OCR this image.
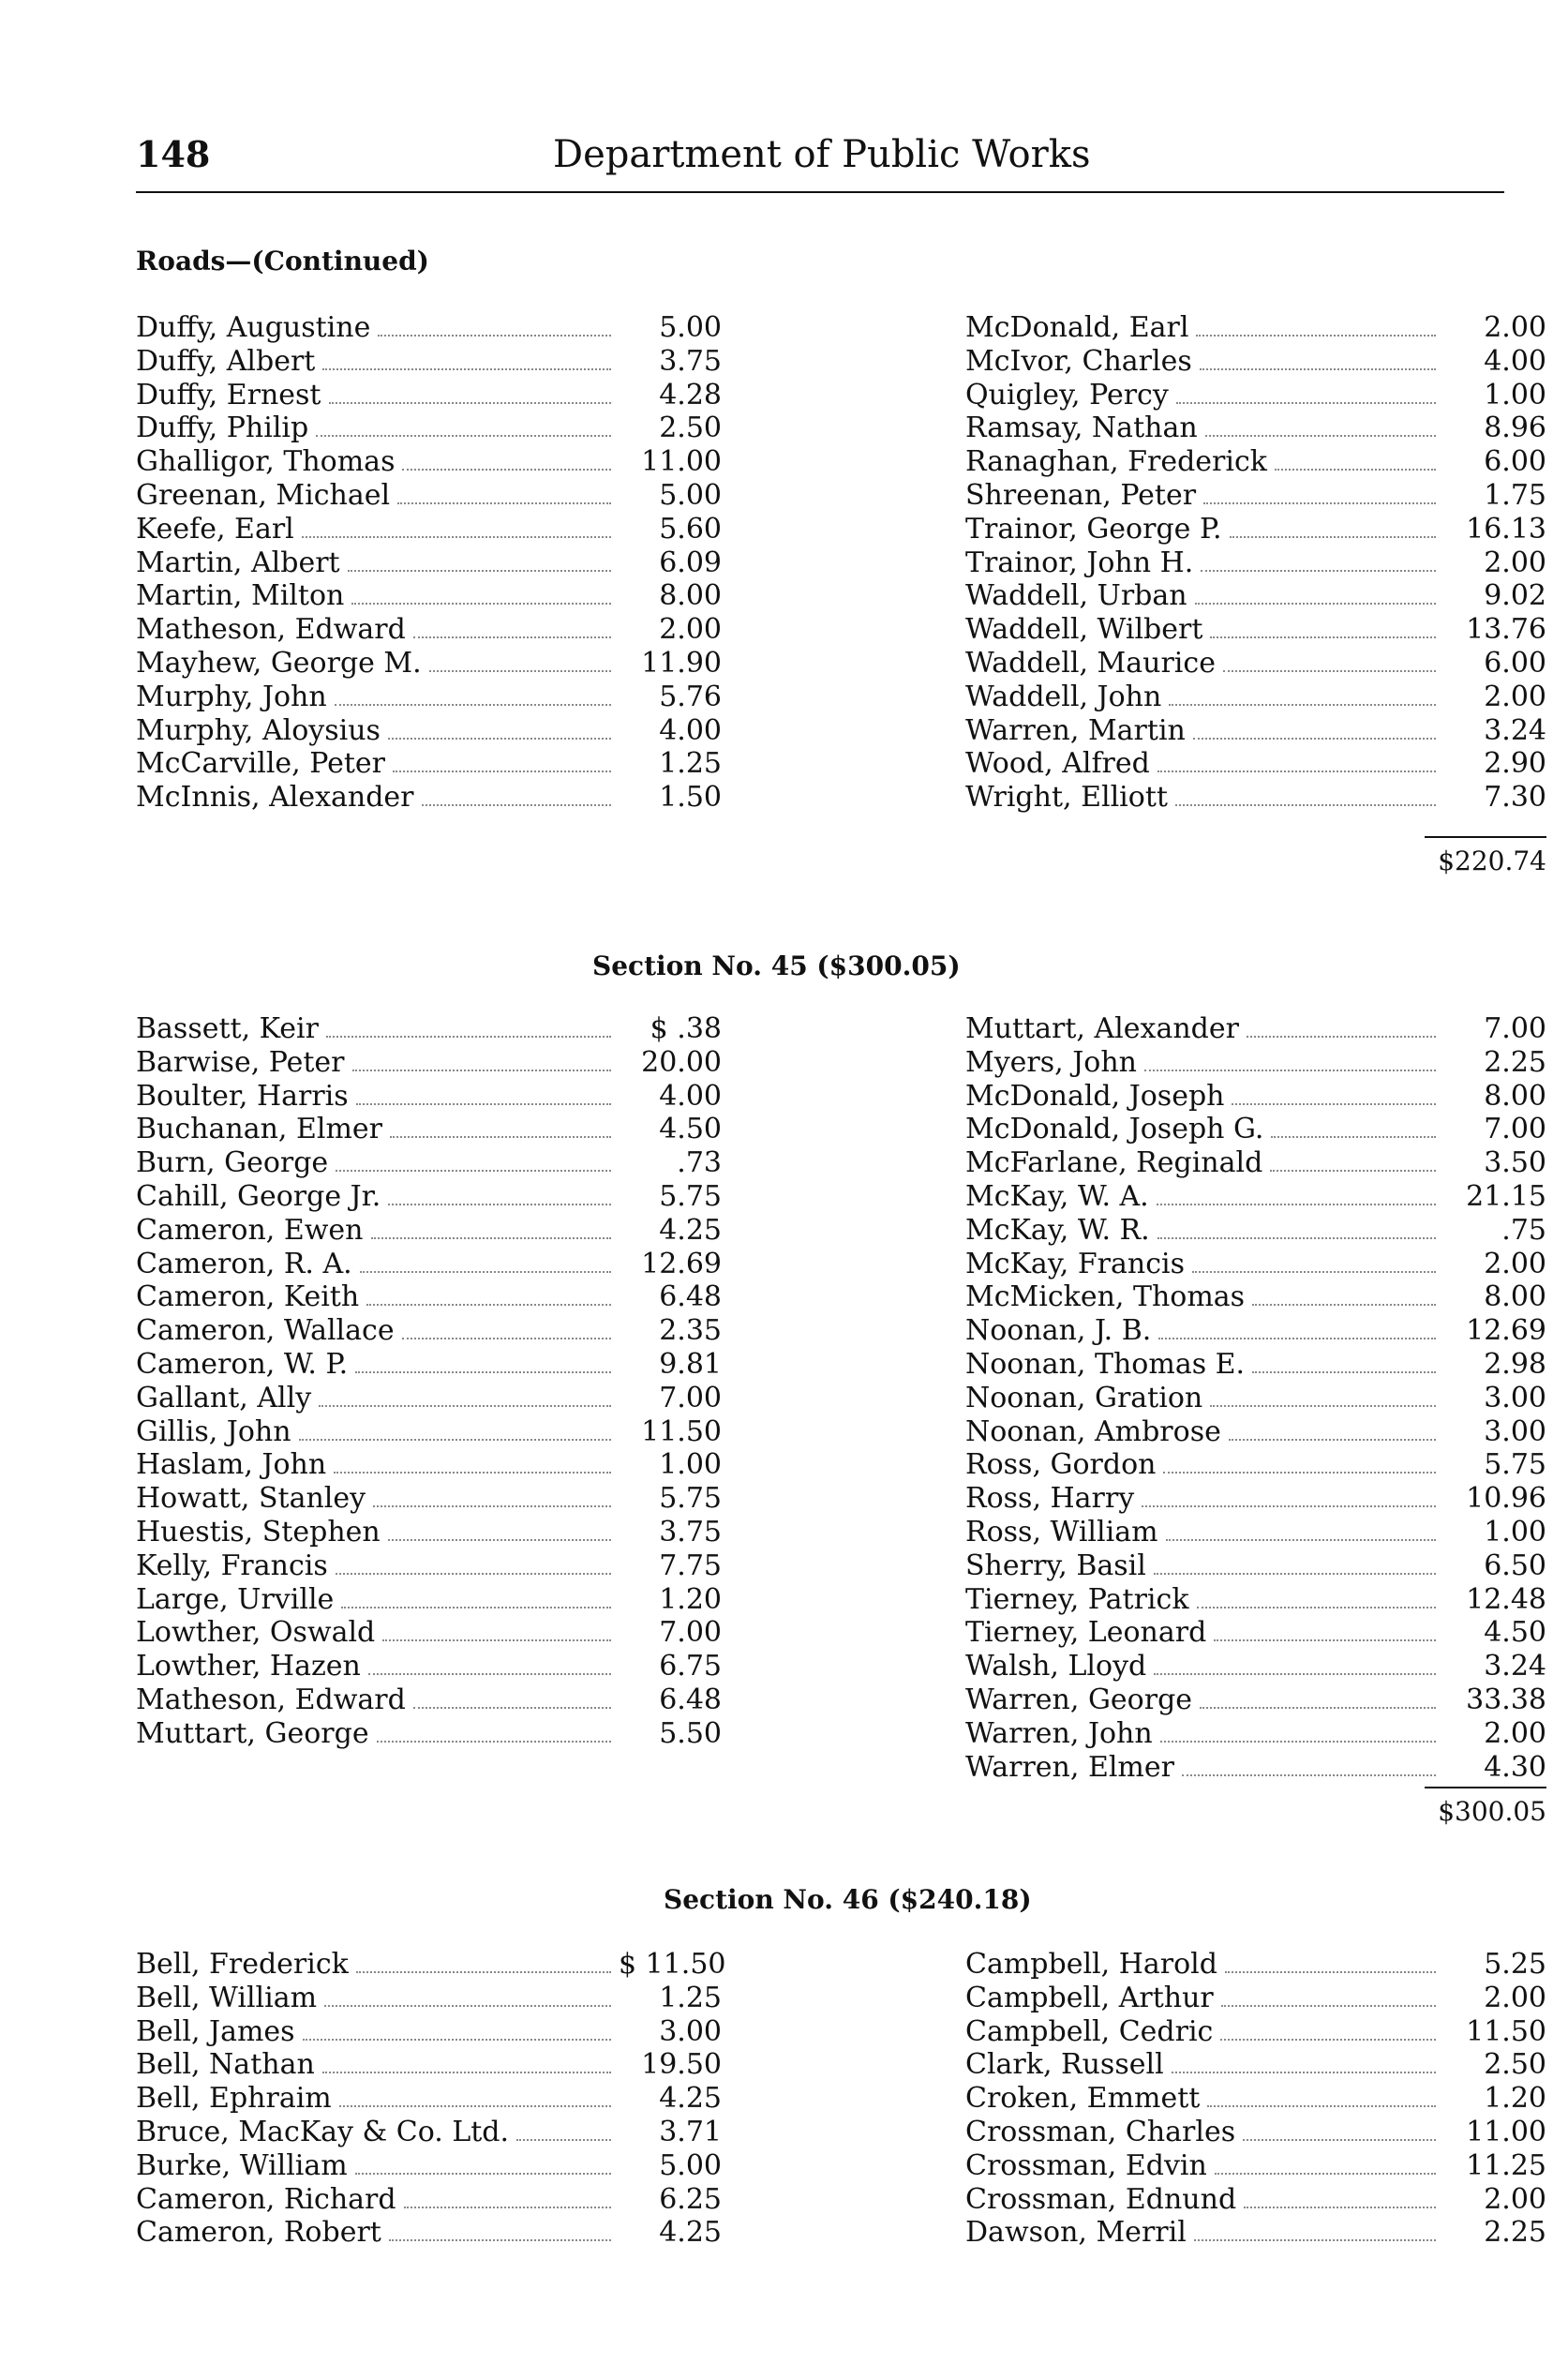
148	Department of Public Works
Roads—(Continued)
Duffy, Augustine	5.00
Duffy, Albert	3.75
Duffy, Ernest	4.28
Duffy, Philip	2.50
Ghalligor, Thomas	11.00
Greenan, Michael	5.00
Keefe, Earl	5.60
Martin, Albert	6.09
Martin, Milton	8.00
Matheson, Edward	2.00
Mayhew, George M.	11.90
Murphy, John	5.76
Murphy, Aloysius	4.00
McCarville, Peter	1.25
McInnis, Alexander	1.50
McDonald, Earl	2.00
McIvor, Charles	4.00
Quigley, Percy	1.00
Ramsay, Nathan	8.96
Ranaghan, Frederick	6.00
Shreenan, Peter	1.75
Trainor, George P.	16.13
Trainor, John H.	2.00
Waddell, Urban	9.02
Waddell, Wilbert	13.76
Waddell, Maurice	6.00
Waddell, John	2.00
Warren, Martin	3.24
Wood, Alfred	2.90
Wright, Elliott	7.30
$220.74
Section No. 45 ($300.05)
Bassett, Keir	$ .38
Barwise, Peter	20.00
Boulter, Harris	4.00
Buchanan, Elmer	4.50
Burn, George	.73
Cahill, George Jr.	5.75
Cameron, Ewen	4.25
Cameron, R. A.	12.69
Cameron, Keith	6.48
Cameron, Wallace	2.35
Cameron, W. P.	9.81
Gallant, Ally	7.00
Gillis, John	11.50
Haslam, John	1.00
Howatt, Stanley	5.75
Huestis, Stephen	3.75
Kelly, Francis	7.75
Large, Urville	1.20
Lowther, Oswald	7.00
Lowther, Hazen	6.75
Matheson, Edward	6.48
Muttart, George	5.50
Muttart, Alexander	7.00
Myers, John	2.25
McDonald, Joseph	8.00
McDonald, Joseph G.	7.00
McFarlane, Reginald	3.50
McKay, W. A.	21.15
McKay, W. R.	.75
McKay, Francis	2.00
McMicken, Thomas	8.00
Noonan, J. B.	12.69
Noonan, Thomas E.	2.98
Noonan, Gration	3.00
Noonan, Ambrose	3.00
Ross, Gordon	5.75
Ross, Harry	10.96
Ross, William	1.00
Sherry, Basil	6.50
Tierney, Patrick	12.48
Tierney, Leonard	4.50
Walsh, Lloyd	3.24
Warren, George	33.38
Warren, John	2.00
Warren, Elmer	4.30
$300.05
Section No. 46 ($240.18)
Bell, Frederick	$ 11.50
Bell, William	1.25
Bell, James	3.00
Bell, Nathan	19.50
Bell, Ephraim	4.25
Bruce, MacKay & Co. Ltd.	3.71
Burke, William	5.00
Cameron, Richard	6.25
Cameron, Robert	4.25
Campbell, Harold	5.25
Campbell, Arthur	2.00
Campbell, Cedric	11.50
Clark, Russell	2.50
Croken, Emmett	1.20
Crossman, Charles	11.00
Crossman, Edvin	11.25
Crossman, Ednund	2.00
Dawson, Merril	2.25
